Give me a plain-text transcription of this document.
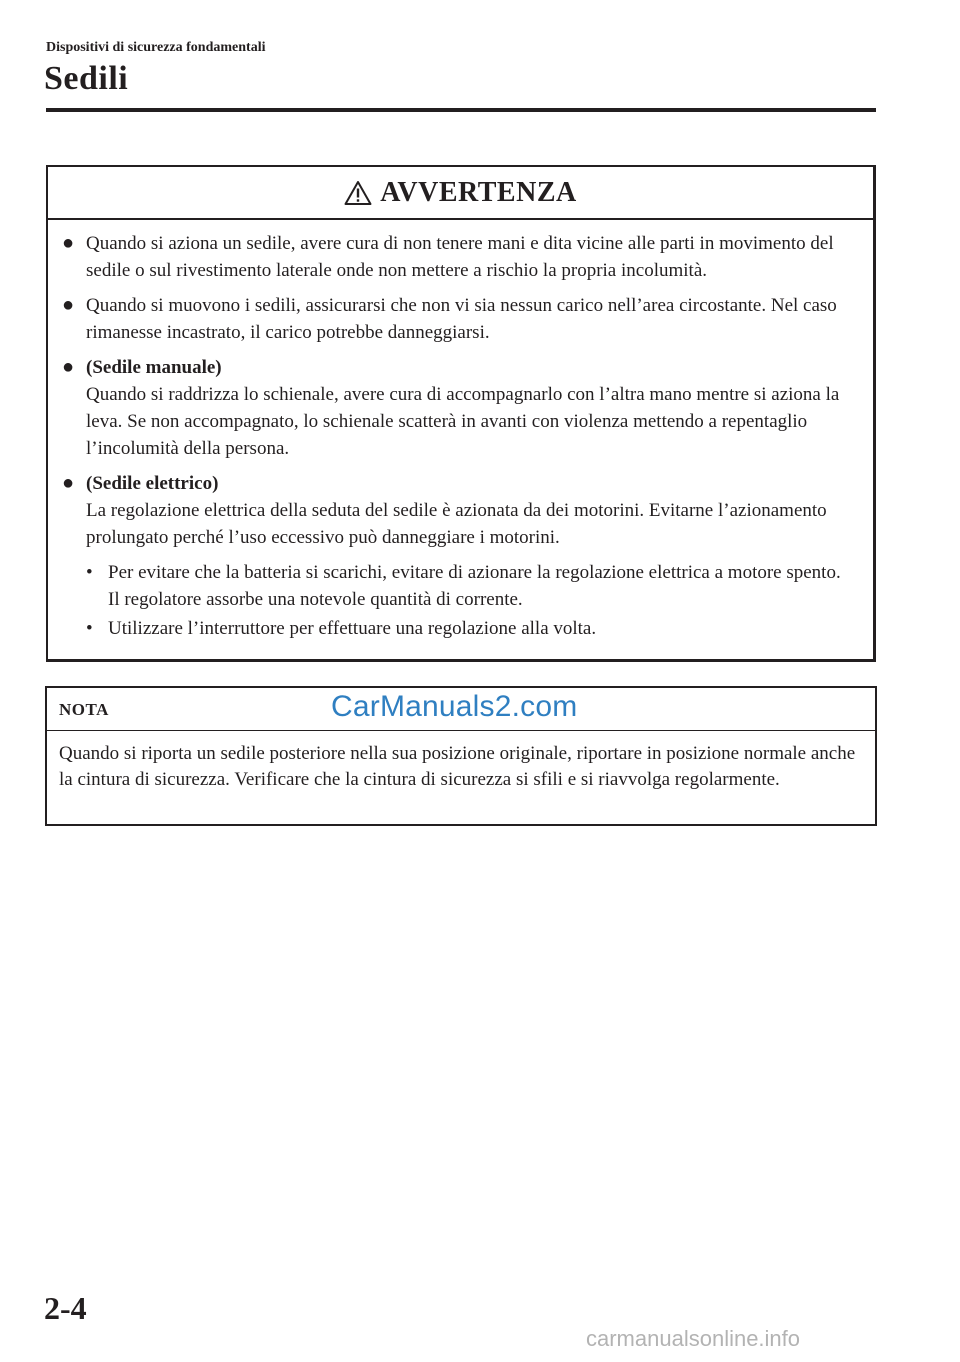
Dispositivi di sicurezza fondamentali
Sedili
AVVERTENZA
● Quando si aziona un sedile, avere cura di non tenere mani e dita vicine alle parti in movimento del sedile o sul rivestimento laterale onde non mettere a rischio la propria incolumità.
● Quando si muovono i sedili, assicurarsi che non vi sia nessun carico nell’area circostante. Nel caso rimanesse incastrato, il carico potrebbe danneggiarsi.
● (Sedile manuale)
Quando si raddrizza lo schienale, avere cura di accompagnarlo con l’altra mano mentre si aziona la leva. Se non accompagnato, lo schienale scatterà in avanti con violenza mettendo a repentaglio l’incolumità della persona.
● (Sedile elettrico)
La regolazione elettrica della seduta del sedile è azionata da dei motorini. Evitarne l’azionamento prolungato perché l’uso eccessivo può danneggiare i motorini.
• Per evitare che la batteria si scarichi, evitare di azionare la regolazione elettrica a motore spento. Il regolatore assorbe una notevole quantità di corrente.
• Utilizzare l’interruttore per effettuare una regolazione alla volta.
NOTA	CarManuals2.com
Quando si riporta un sedile posteriore nella sua posizione originale, riportare in posizione normale anche la cintura di sicurezza. Verificare che la cintura di sicurezza si sfili e si riavvolga regolarmente.
2-4
carmanualsonline.info
